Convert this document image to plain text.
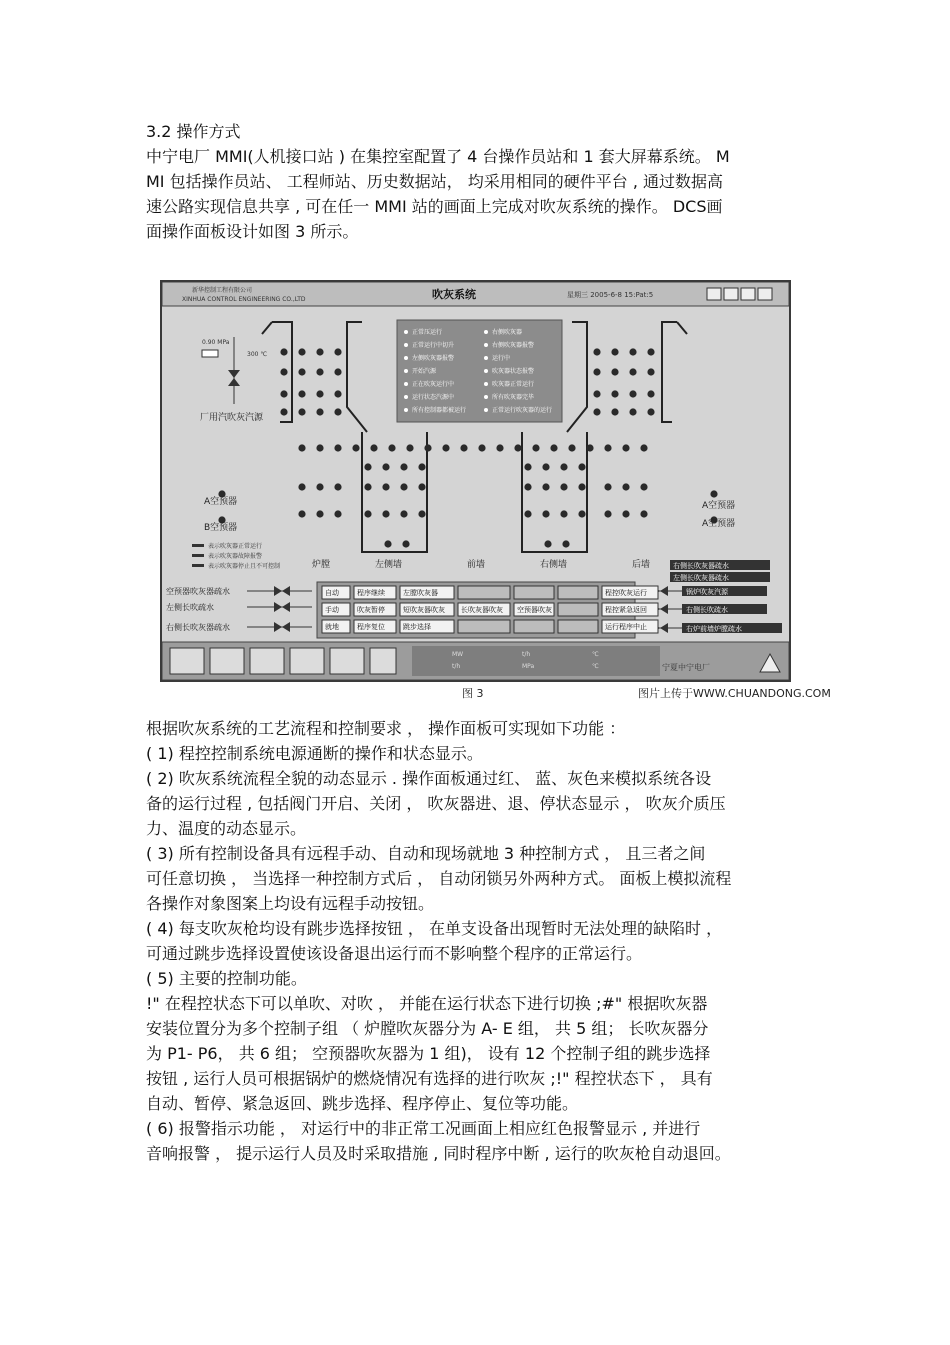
3.2 操作方式

中宁电厂 MMI(人机接口站 ) 在集控室配置了 4 台操作员站和 1 套大屏幕系统。 M

MI 包括操作员站、 工程师站、历史数据站， 均采用相同的硬件平台 , 通过数据高

速公路实现信息共享 , 可在任一 MMI 站的画面上完成对吹灰系统的操作。 DCS画

面操作面板设计如图 3 所示。

新华控制工程有限公司
XINHUA CONTROL ENGINEERING CO.,LTD	吹灰系统	星期三 2005-6-8 15:Pat:5
0.90 MPa
300 ℃
厂用汽吹灰汽源
正常压运行
正常运行中切升
左侧吹灰器报警
开始汽源
正在吹灰运行中
运行状态汽源中
所有控制器都被运行
右侧吹灰器
右侧吹灰器报警
运行中
吹灰器状态报警
吹灰器正常运行
所有吹灰器完毕
正常运行吹灰器的运行
A空预器
B空预器
A空预器
A空预器
炉膛	左侧墙	前墙	右侧墙	后墙
表示吹灰器正常运行
表示吹灰器故障报警
表示吹灰器停止且不可控制	右侧长吹灰器疏水
左侧长吹灰器疏水
空预器吹灰器疏水
左侧长吹疏水
右侧长吹灰器疏水
锅炉吹灰汽源
右侧长吹疏水
右炉前墙炉膛疏水
自动	程序继续	左膛吹灰器	程控吹灰运行
手动	吹灰暂停	短吹灰器吹灰 长吹灰器吹灰 空预器吹灰	程控紧急返回
就地	程序复位	跳步选择	运行程序中止
MW	t/h	℃
t/h	MPa	℃	宁夏中宁电厂
图 3	图片上传于WWW.CHUANDONG.COM

根据吹灰系统的工艺流程和控制要求 ， 操作面板可实现如下功能 ：

( 1) 程控控制系统电源通断的操作和状态显示。

( 2) 吹灰系统流程全貌的动态显示 . 操作面板通过红、 蓝、灰色来模拟系统各设

备的运行过程 , 包括阀门开启、关闭 ， 吹灰器进、退、停状态显示 ， 吹灰介质压

力、温度的动态显示。

( 3) 所有控制设备具有远程手动、自动和现场就地 3 种控制方式 ， 且三者之间

可任意切换 ， 当选择一种控制方式后 ， 自动闭锁另外两种方式。 面板上模拟流程

各操作对象图案上均设有远程手动按钮。

( 4) 每支吹灰枪均设有跳步选择按钮 ， 在单支设备出现暂时无法处理的缺陷时 ，

可通过跳步选择设置使该设备退出运行而不影响整个程序的正常运行。

( 5) 主要的控制功能。

!" 在程控状态下可以单吹、对吹 ， 并能在运行状态下进行切换 ;#" 根据吹灰器

安装位置分为多个控制子组 （ 炉膛吹灰器分为 A- E 组， 共 5 组； 长吹灰器分

为 P1- P6， 共 6 组； 空预器吹灰器为 1 组)， 设有 12 个控制子组的跳步选择

按钮 , 运行人员可根据锅炉的燃烧情况有选择的进行吹灰 ;!" 程控状态下 ， 具有

自动、暂停、紧急返回、跳步选择、程序停止、复位等功能。

( 6) 报警指示功能 ， 对运行中的非正常工况画面上相应红色报警显示 , 并进行

音响报警 ， 提示运行人员及时采取措施 , 同时程序中断 , 运行的吹灰枪自动退回。
